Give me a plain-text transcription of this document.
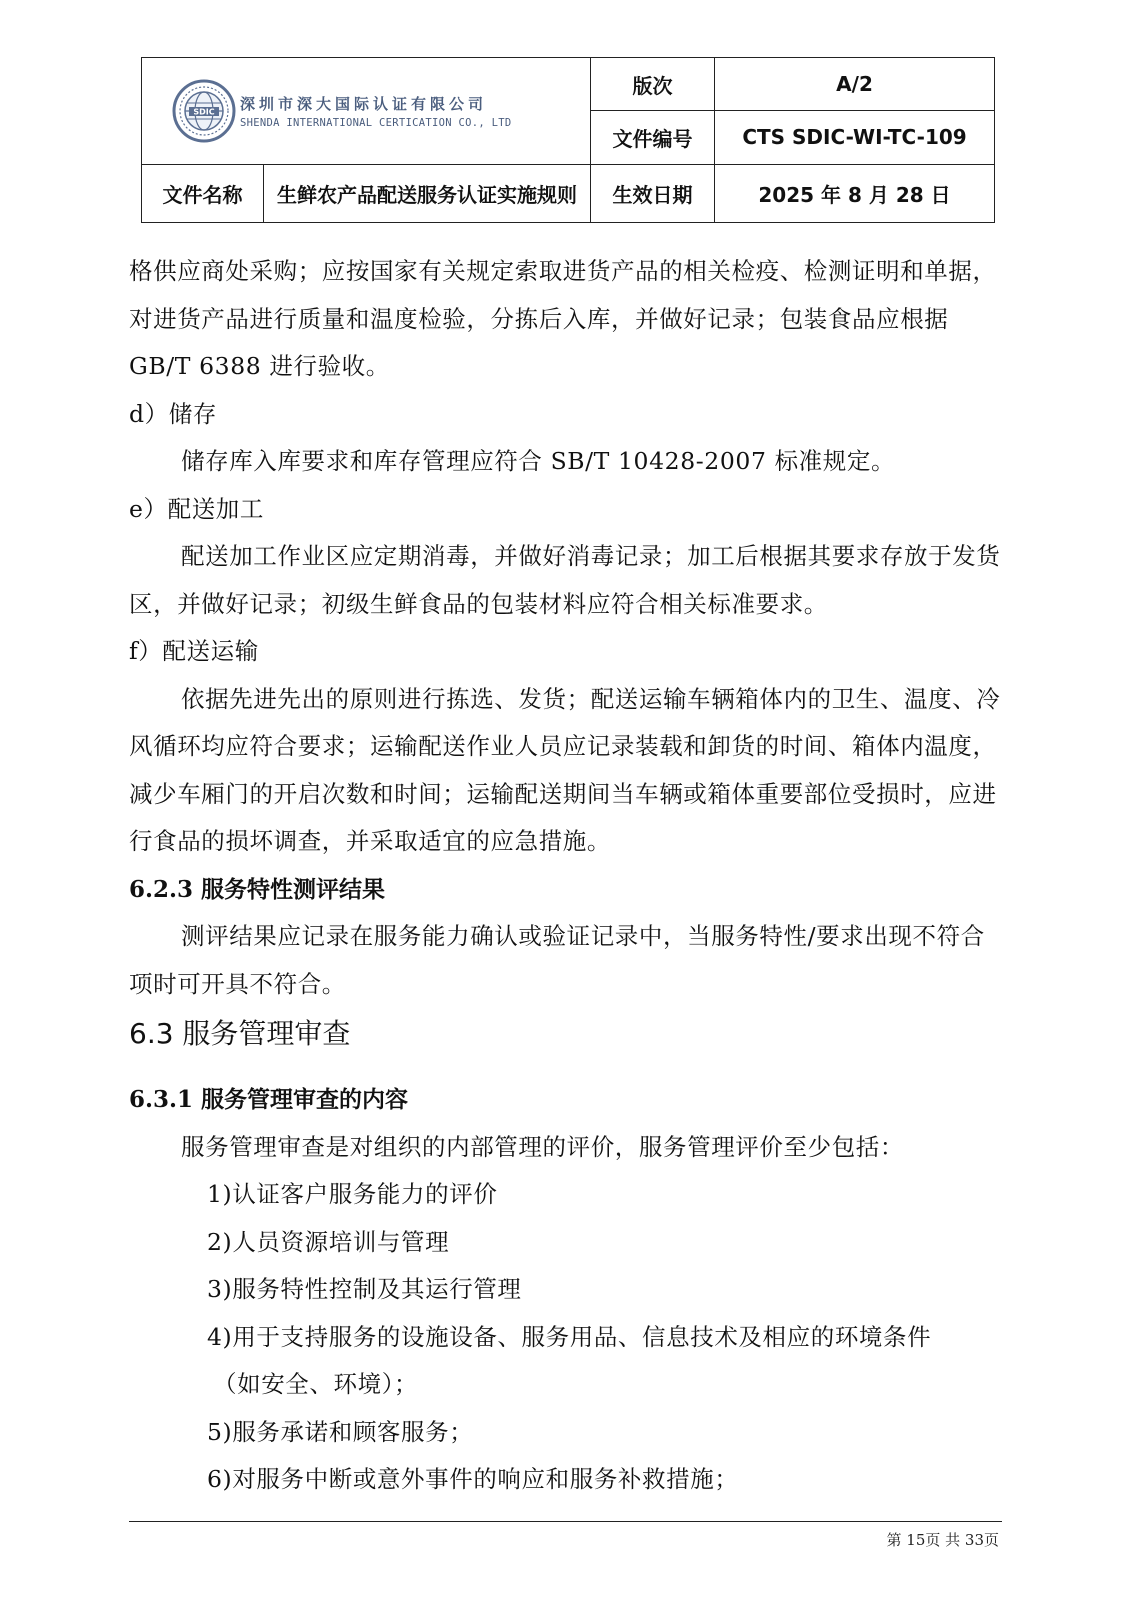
SDIC 深圳市深大国际认证有限公司
SHENDA INTERNATIONAL CERTICATION CO., LTD		版次	A/2
		文件编号	CTS SDIC-WI-TC-109
文件名称	生鲜农产品配送服务认证实施规则	生效日期	2025 年 8 月 28 日

格供应商处采购；应按国家有关规定索取进货产品的相关检疫、检测证明和单据，对进货产品进行质量和温度检验，分拣后入库，并做好记录；包装食品应根据 GB/T 6388 进行验收。

d）储存

储存库入库要求和库存管理应符合 SB/T 10428-2007 标准规定。

e）配送加工

配送加工作业区应定期消毒，并做好消毒记录；加工后根据其要求存放于发货区，并做好记录；初级生鲜食品的包装材料应符合相关标准要求。

f）配送运输

依据先进先出的原则进行拣选、发货；配送运输车辆箱体内的卫生、温度、冷风循环均应符合要求；运输配送作业人员应记录装载和卸货的时间、箱体内温度，减少车厢门的开启次数和时间；运输配送期间当车辆或箱体重要部位受损时，应进行食品的损坏调查，并采取适宜的应急措施。

6.2.3 服务特性测评结果

测评结果应记录在服务能力确认或验证记录中，当服务特性/要求出现不符合项时可开具不符合。

6.3 服务管理审查

6.3.1 服务管理审查的内容

服务管理审查是对组织的内部管理的评价，服务管理评价至少包括：

1)认证客户服务能力的评价

2)人员资源培训与管理

3)服务特性控制及其运行管理

4)用于支持服务的设施设备、服务用品、信息技术及相应的环境条件

（如安全、环境）；

5)服务承诺和顾客服务；

6)对服务中断或意外事件的响应和服务补救措施；

第 15页 共 33页
